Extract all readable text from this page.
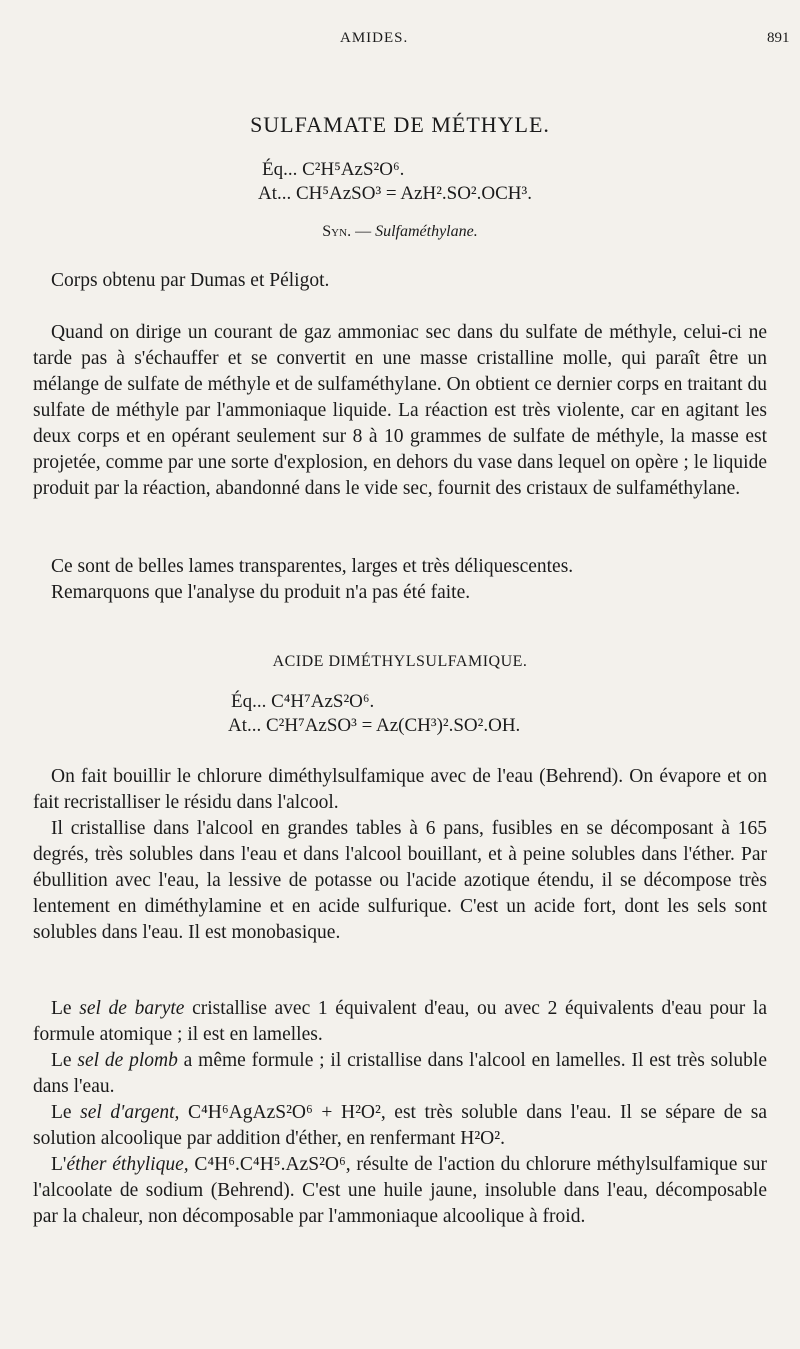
AMIDES.	891
SULFAMATE DE MÉTHYLE.
Éq... C²H⁵AzS²O⁶.
At... CH⁵AzSO³ = AzH².SO².OCH³.
Syn. — Sulfaméthylane.

Corps obtenu par Dumas et Péligot.

Quand on dirige un courant de gaz ammoniac sec dans du sulfate de méthyle, celui-ci ne tarde pas à s'échauffer et se convertit en une masse cristalline molle, qui paraît être un mélange de sulfate de méthyle et de sulfaméthylane. On obtient ce dernier corps en traitant du sulfate de méthyle par l'ammoniaque liquide. La réaction est très violente, car en agitant les deux corps et en opérant seulement sur 8 à 10 grammes de sulfate de méthyle, la masse est projetée, comme par une sorte d'explosion, en dehors du vase dans lequel on opère ; le liquide produit par la réaction, abandonné dans le vide sec, fournit des cristaux de sulfaméthylane.

Ce sont de belles lames transparentes, larges et très déliquescentes.

Remarquons que l'analyse du produit n'a pas été faite.

ACIDE DIMÉTHYLSULFAMIQUE.
Éq... C⁴H⁷AzS²O⁶.
At... C²H⁷AzSO³ = Az(CH³)².SO².OH.

On fait bouillir le chlorure diméthylsulfamique avec de l'eau (Behrend). On évapore et on fait recristalliser le résidu dans l'alcool.

Il cristallise dans l'alcool en grandes tables à 6 pans, fusibles en se décomposant à 165 degrés, très solubles dans l'eau et dans l'alcool bouillant, et à peine solubles dans l'éther. Par ébullition avec l'eau, la lessive de potasse ou l'acide azotique étendu, il se décompose très lentement en diméthylamine et en acide sulfurique. C'est un acide fort, dont les sels sont solubles dans l'eau. Il est monobasique.

Le sel de baryte cristallise avec 1 équivalent d'eau, ou avec 2 équivalents d'eau pour la formule atomique ; il est en lamelles.

Le sel de plomb a même formule ; il cristallise dans l'alcool en lamelles. Il est très soluble dans l'eau.

Le sel d'argent, C⁴H⁶AgAzS²O⁶ + H²O², est très soluble dans l'eau. Il se sépare de sa solution alcoolique par addition d'éther, en renfermant H²O².

L'éther éthylique, C⁴H⁶.C⁴H⁵.AzS²O⁶, résulte de l'action du chlorure méthylsulfamique sur l'alcoolate de sodium (Behrend). C'est une huile jaune, insoluble dans l'eau, décomposable par la chaleur, non décomposable par l'ammoniaque alcoolique à froid.
